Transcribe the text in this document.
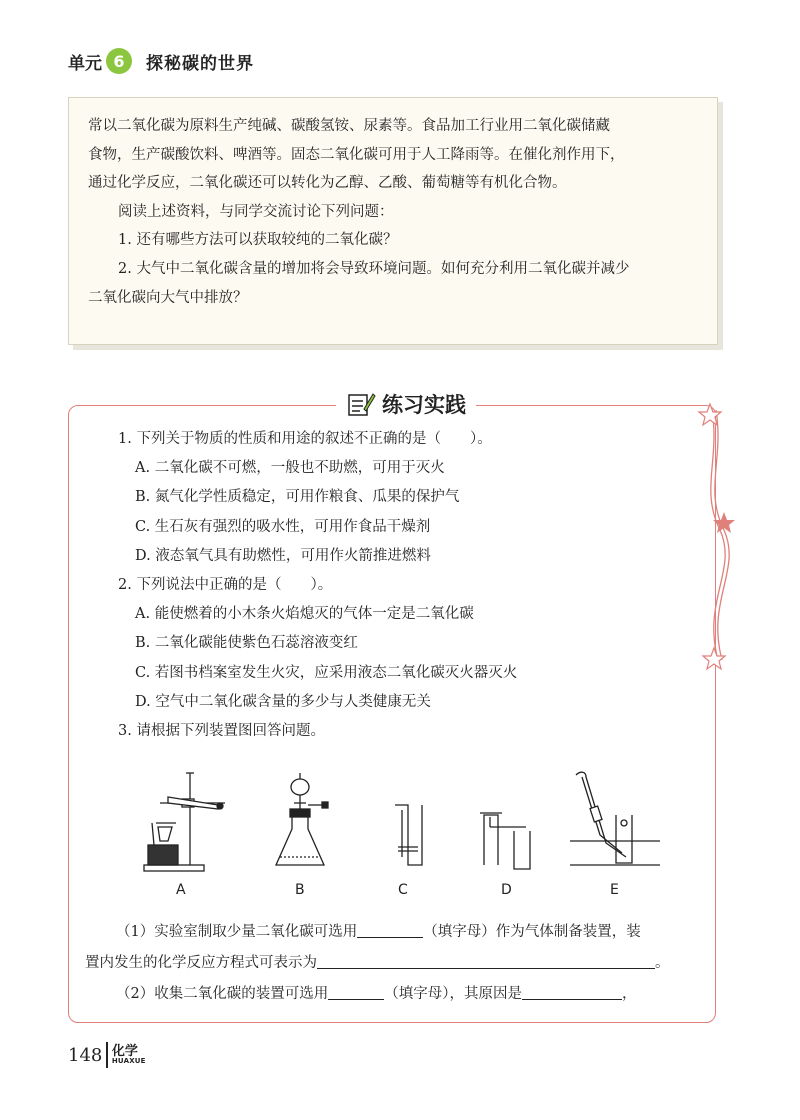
单元 6	探秘碳的世界

常以二氧化碳为原料生产纯碱、碳酸氢铵、尿素等。食品加工行业用二氧化碳储藏

食物，生产碳酸饮料、啤酒等。固态二氧化碳可用于人工降雨等。在催化剂作用下，

通过化学反应，二氧化碳还可以转化为乙醇、乙酸、葡萄糖等有机化合物。

阅读上述资料，与同学交流讨论下列问题：

1. 还有哪些方法可以获取较纯的二氧化碳？

2. 大气中二氧化碳含量的增加将会导致环境问题。如何充分利用二氧化碳并减少

二氧化碳向大气中排放？

练习实践
1. 下列关于物质的性质和用途的叙述不正确的是（　　）。
A. 二氧化碳不可燃，一般也不助燃，可用于灭火
B. 氮气化学性质稳定，可用作粮食、瓜果的保护气
C. 生石灰有强烈的吸水性，可用作食品干燥剂
D. 液态氧气具有助燃性，可用作火箭推进燃料
2. 下列说法中正确的是（　　）。
A. 能使燃着的小木条火焰熄灭的气体一定是二氧化碳
B. 二氧化碳能使紫色石蕊溶液变红
C. 若图书档案室发生火灾，应采用液态二氧化碳灭火器灭火
D. 空气中二氧化碳含量的多少与人类健康无关
3. 请根据下列装置图回答问题。
A	B	C	D	E
（1）实验室制取少量二氧化碳可选用	（填字母）作为气体制备装置，装
置内发生的化学反应方程式可表示为	。
（2）收集二氧化碳的装置可选用	（填字母），其原因是	，
148 化学
HUAXUE
